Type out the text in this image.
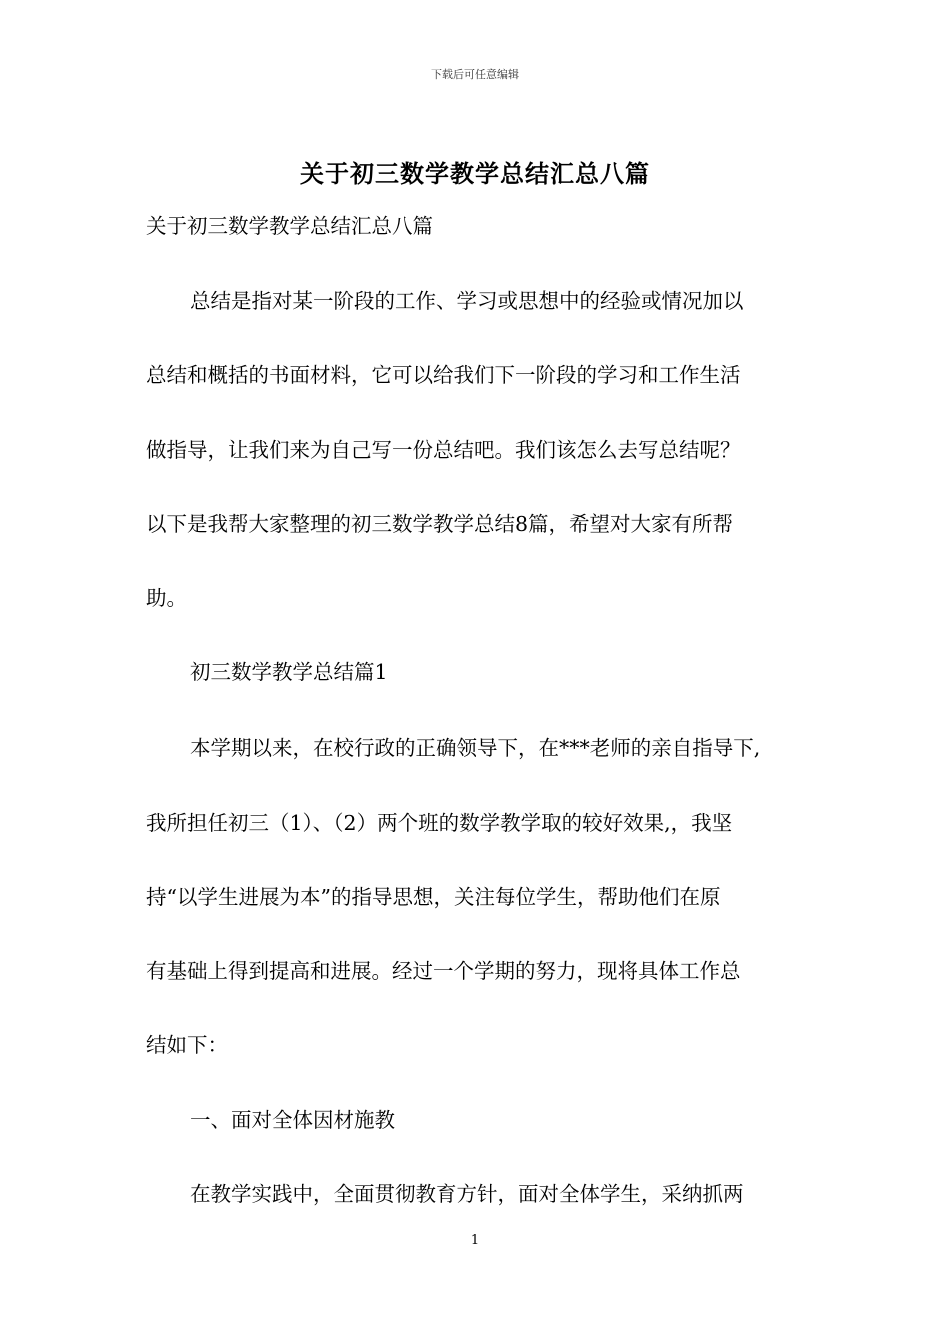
下载后可任意编辑
关于初三数学教学总结汇总八篇
关于初三数学教学总结汇总八篇
总结是指对某一阶段的工作、学习或思想中的经验或情况加以
总结和概括的书面材料，它可以给我们下一阶段的学习和工作生活
做指导，让我们来为自己写一份总结吧。我们该怎么去写总结呢？
以下是我帮大家整理的初三数学教学总结8篇，希望对大家有所帮
助。
初三数学教学总结篇1
本学期以来，在校行政的正确领导下，在***老师的亲自指导下,
我所担任初三（1）、（2）两个班的数学教学取的较好效果,，我坚
持“以学生进展为本”的指导思想，关注每位学生，帮助他们在原
有基础上得到提高和进展。经过一个学期的努力，现将具体工作总
结如下：
一、面对全体因材施教
在教学实践中，全面贯彻教育方针，面对全体学生，采纳抓两
1
